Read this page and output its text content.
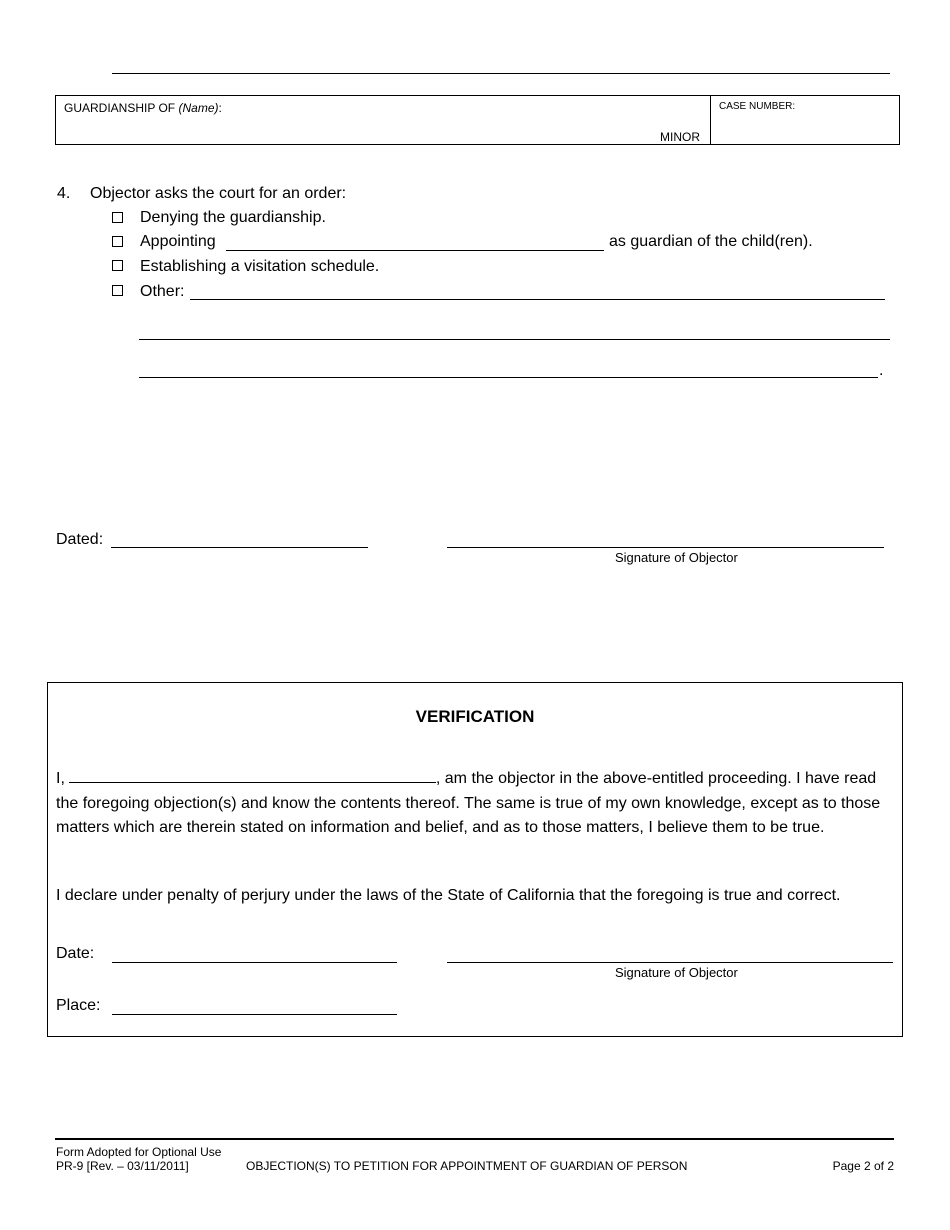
GUARDIANSHIP OF (Name):
MINOR
CASE NUMBER:
4. Objector asks the court for an order:
Denying the guardianship.
Appointing	as guardian of the child(ren).
Establishing a visitation schedule.
Other:
.
Dated:
Signature of Objector
VERIFICATION
I,	, am the objector in the above-entitled proceeding. I have read the foregoing objection(s) and know the contents thereof. The same is true of my own knowledge, except as to those matters which are therein stated on information and belief, and as to those matters, I believe them to be true.
I declare under penalty of perjury under the laws of the State of California that the foregoing is true and correct.
Date:
Signature of Objector
Place:
Form Adopted for Optional Use
PR-9 [Rev. – 03/11/2011]	OBJECTION(S) TO PETITION FOR APPOINTMENT OF GUARDIAN OF PERSON	Page 2 of 2
